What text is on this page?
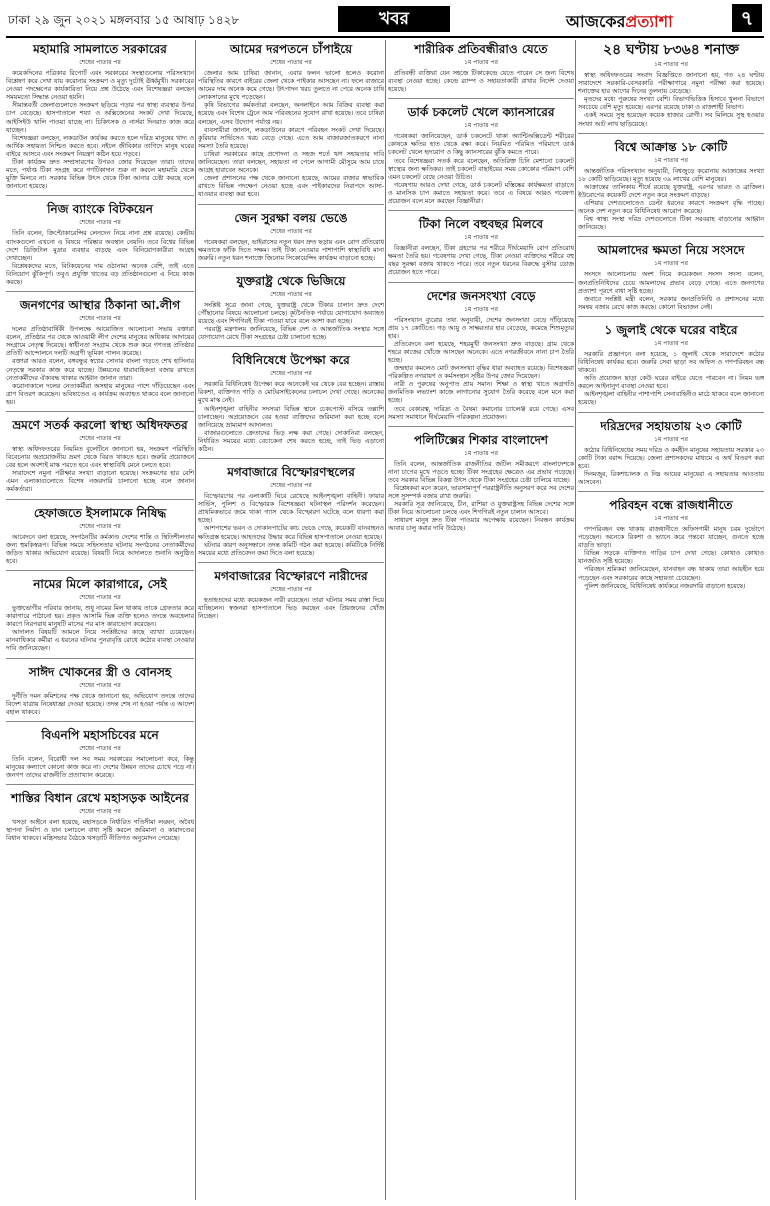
ঢাকা ২৯ জুন ২০২১ মঙ্গলবার ১৫ আষাঢ় ১৪২৮	খবর	আজকেরপ্রত্যাশা	৭
মহামারি সামলাতে সরকারের
শেষের পাতার পর

কয়েকদিনের পত্রিকার রিপোর্ট এবং সরকারের সংস্থাগুলোর পরিসংখ্যান বিশ্লেষণ করে দেখা যায় করোনার সংক্রমণ ও মৃত্যু দুটোই ঊর্ধ্বমুখী। সরকারের নেওয়া পদক্ষেপের কার্যকারিতা নিয়ে প্রশ্ন উঠেছে এবং বিশেষজ্ঞরা বলছেন সময়মতো সিদ্ধান্ত নেওয়া হয়নি।

সীমান্তবর্তী জেলাগুলোতে সংক্রমণ ছড়িয়ে পড়ার পর স্বাস্থ্য ব্যবস্থার উপর চাপ বেড়েছে। হাসপাতালে শয্যা ও অক্সিজেনের সংকট দেখা দিয়েছে, আইসিইউ খালি পাওয়া যাচ্ছে না। চিকিৎসক ও নার্সরা দিনরাত কাজ করে যাচ্ছেন।

বিশেষজ্ঞরা বলছেন, লকডাউন কার্যকর করতে হলে দরিদ্র মানুষের খাদ্য ও আর্থিক সহায়তা নিশ্চিত করতে হবে। নইলে জীবিকার তাগিদে মানুষ ঘরের বাইরে আসবে এবং সংক্রমণ নিয়ন্ত্রণ কঠিন হয়ে পড়বে।

টিকা কার্যক্রম দ্রুত সম্প্রসারণের উপরও জোর দিয়েছেন তারা। তাদের মতে, পর্যাপ্ত টিকা সংগ্রহ করে গণটিকাদান শুরু না করলে মহামারি থেকে মুক্তি মিলবে না। সরকার বিভিন্ন উৎস থেকে টিকা আনার চেষ্টা করছে বলে জানানো হয়েছে।

নিজ ব্যাংকে বিটকয়েন
শেষের পাতার পর

তিনি বলেন, ক্রিপ্টোকারেন্সির লেনদেন নিয়ে নানা প্রশ্ন রয়েছে। কেন্দ্রীয় ব্যাংকগুলো এখনো এ বিষয়ে পরিষ্কার অবস্থান নেয়নি। তবে বিশ্বের বিভিন্ন দেশে ডিজিটাল মুদ্রার ব্যবহার বাড়ছে এবং বিনিয়োগকারীরা আগ্রহ দেখাচ্ছেন।

বিশ্লেষকদের মতে, বিটকয়েনের দাম ওঠানামা অনেক বেশি, তাই এতে বিনিয়োগ ঝুঁকিপূর্ণ। তবুও প্রযুক্তি খাতের বড় প্রতিষ্ঠানগুলো এ নিয়ে কাজ করছে।

জনগণের আস্থার ঠিকানা আ.লীগ
শেষের পাতার পর

দলের প্রতিষ্ঠাবার্ষিকী উপলক্ষে আয়োজিত আলোচনা সভায় বক্তারা বলেন, প্রতিষ্ঠার পর থেকে আওয়ামী লীগ দেশের মানুষের অধিকার আদায়ের সংগ্রামে নেতৃত্ব দিয়েছে। স্বাধীনতা সংগ্রাম থেকে শুরু করে গণতন্ত্র প্রতিষ্ঠার প্রতিটি আন্দোলনে দলটি অগ্রণী ভূমিকা পালন করেছে।

বক্তারা আরও বলেন, বঙ্গবন্ধুর স্বপ্নের সোনার বাংলা গড়তে শেখ হাসিনার নেতৃত্বে সরকার কাজ করে যাচ্ছে। উন্নয়নের ধারাবাহিকতা বজায় রাখতে নেতাকর্মীদের ঐক্যবদ্ধ থাকার আহ্বান জানান তারা।

করোনাকালে দলের নেতাকর্মীরা অসহায় মানুষের পাশে দাঁড়িয়েছেন এবং ত্রাণ বিতরণ করেছেন। ভবিষ্যতেও এ কার্যক্রম অব্যাহত থাকবে বলে জানানো হয়।

ভ্রমণে সতর্ক করলো স্বাস্থ্য অধিদফতর
শেষের পাতার পর

স্বাস্থ্য অধিদফতরের নিয়মিত বুলেটিনে জানানো হয়, সংক্রমণ পরিস্থিতি বিবেচনায় অপ্রয়োজনীয় ভ্রমণ থেকে বিরত থাকতে হবে। জরুরি প্রয়োজনে বের হলে অবশ্যই মাস্ক পরতে হবে এবং স্বাস্থ্যবিধি মেনে চলতে হবে।

সারাদেশে নমুনা পরীক্ষার সংখ্যা বাড়ানো হয়েছে। সংক্রমণের হার বেশি এমন এলাকাগুলোতে বিশেষ নজরদারি চালানো হচ্ছে বলে জানান কর্মকর্তারা।

হেফাজতে ইসলামকে নিষিদ্ধ
শেষের পাতার পর

আবেদনে বলা হয়েছে, সংগঠনটির কর্মকাণ্ড দেশের শান্তি ও স্থিতিশীলতার জন্য হুমকিস্বরূপ। বিভিন্ন সময়ে সহিংসতার ঘটনায় সংগঠনের নেতাকর্মীদের জড়িত থাকার অভিযোগ রয়েছে। বিষয়টি নিয়ে আদালতে শুনানি অনুষ্ঠিত হবে।

নামের মিলে কারাগারে, সেই
শেষের পাতার পর

ভুক্তভোগীর পরিবার জানায়, শুধু নামের মিল থাকায় তাকে গ্রেফতার করে কারাগারে পাঠানো হয়। প্রকৃত আসামি ভিন্ন ব্যক্তি হলেও তদন্তে অবহেলার কারণে নিরপরাধ মানুষটি মাসের পর মাস কারাভোগ করেছেন।

আদালত বিষয়টি আমলে নিয়ে সংশ্লিষ্টদের কাছে ব্যাখ্যা চেয়েছেন। মানবাধিকার কর্মীরা এ ধরনের ঘটনার পুনরাবৃত্তি রোধে কঠোর ব্যবস্থা নেওয়ার দাবি জানিয়েছেন।

সাঈদ খোকনের স্ত্রী ও বোনসহ
শেষের পাতার পর

দুর্নীতি দমন কমিশনের পক্ষ থেকে জানানো হয়, অভিযোগ তদন্তে তাদের বিদেশ যাত্রায় নিষেধাজ্ঞা দেওয়া হয়েছে। তদন্ত শেষ না হওয়া পর্যন্ত এ আদেশ বহাল থাকবে।

বিএনপি মহাসচিবের মনে
শেষের পাতার পর

তিনি বলেন, বিরোধী দল সব সময় সরকারের সমালোচনা করে, কিন্তু মানুষের কল্যাণে কোনো কাজ করে না। দেশের উন্নয়ন তাদের চোখে পড়ে না। জনগণ তাদের রাজনীতি প্রত্যাখ্যান করেছে।

শাস্তির বিধান রেখে মহাসড়ক আইনের
শেষের পাতার পর

খসড়া আইনে বলা হয়েছে, মহাসড়কে নির্ধারিত গতিসীমা লঙ্ঘন, অবৈধ স্থাপনা নির্মাণ ও যান চলাচলে বাধা সৃষ্টি করলে জরিমানা ও কারাদণ্ডের বিধান থাকবে। মন্ত্রিসভার বৈঠকে খসড়াটি নীতিগত অনুমোদন পেয়েছে।

আমের দরপতনে চাঁপাইয়ে
শেষের পাতার পর

জেলার আম চাষিরা জানান, এবার ফলন ভালো হলেও করোনা পরিস্থিতির কারণে বাইরের জেলা থেকে পাইকার আসছেন না। ফলে বাজারে আমের দাম অনেক কমে গেছে। উৎপাদন খরচ তুলতে না পেরে অনেক চাষি লোকসানের মুখে পড়েছেন।

কৃষি বিভাগের কর্মকর্তারা বলছেন, অনলাইনে আম বিক্রির ব্যবস্থা করা হয়েছে এবং বিশেষ ট্রেনে আম পরিবহনের সুযোগ রাখা হয়েছে। তবে চাষিরা বলছেন, এসব উদ্যোগ পর্যাপ্ত নয়।

ব্যবসায়ীরা জানান, লকডাউনের কারণে পরিবহন সংকট দেখা দিয়েছে। কুরিয়ার সার্ভিসেও খরচ বেড়ে গেছে। এতে আম বাজারজাতকরণে নানা সমস্যা তৈরি হয়েছে।

চাষিরা সরকারের কাছে প্রণোদনা ও সহজ শর্তে ঋণ সহায়তার দাবি জানিয়েছেন। তারা বলছেন, সহায়তা না পেলে আগামী মৌসুমে আম চাষে আগ্রহ হারাবেন অনেকে।

জেলা প্রশাসনের পক্ষ থেকে জানানো হয়েছে, আমের বাজার স্বাভাবিক রাখতে বিভিন্ন পদক্ষেপ নেওয়া হচ্ছে এবং পাইকারদের নিরাপদে আসা-যাওয়ার ব্যবস্থা করা হবে।

জেন সুরক্ষা বলয় ভেঙে
শেষের পাতার পর

গবেষকরা বলছেন, ভাইরাসের নতুন ধরন দ্রুত ছড়ায় এবং রোগ প্রতিরোধ ক্ষমতাকে ফাঁকি দিতে সক্ষম। তাই টিকা নেওয়ার পাশাপাশি স্বাস্থ্যবিধি মানা জরুরি। নতুন ধরন শনাক্তে জিনোম সিকোয়েন্সিং কার্যক্রম বাড়ানো হচ্ছে।

যুক্তরাষ্ট্র থেকে ভিজিয়ে
শেষের পাতার পর

সংশ্লিষ্ট সূত্রে জানা গেছে, যুক্তরাষ্ট্র থেকে টিকার চালান দ্রুত দেশে পৌঁছানোর বিষয়ে আলোচনা চলছে। কূটনৈতিক পর্যায়ে যোগাযোগ অব্যাহত রয়েছে এবং শিগগিরই টিকা পাওয়া যাবে বলে আশা করা হচ্ছে।

পররাষ্ট্র মন্ত্রণালয় জানিয়েছে, বিভিন্ন দেশ ও আন্তর্জাতিক সংস্থার সঙ্গে যোগাযোগ রেখে টিকা সংগ্রহের চেষ্টা চালানো হচ্ছে।

বিধিনিষেধে উপেক্ষা করে
শেষের পাতার পর

সরকারি বিধিনিষেধ উপেক্ষা করে অনেকেই ঘর থেকে বের হচ্ছেন। রাস্তায় রিকশা, ব্যক্তিগত গাড়ি ও মোটরসাইকেলের চলাচল দেখা গেছে। অনেকের মুখে মাস্ক নেই।

আইনশৃঙ্খলা বাহিনীর সদস্যরা বিভিন্ন স্থানে চেকপোস্ট বসিয়ে তল্লাশি চালাচ্ছেন। অপ্রয়োজনে বের হওয়া ব্যক্তিদের জরিমানা করা হচ্ছে বলে জানিয়েছে ভ্রাম্যমাণ আদালত।

বাজারগুলোতে ক্রেতাদের ভিড় লক্ষ করা গেছে। দোকানিরা বলছেন, নির্ধারিত সময়ের মধ্যে বেচাকেনা শেষ করতে হচ্ছে, তাই ভিড় এড়ানো কঠিন।

মগবাজারে বিস্ফোরণস্থলের
শেষের পাতার পর

বিস্ফোরণের পর এলাকাটি ঘিরে রেখেছে আইনশৃঙ্খলা বাহিনী। ফায়ার সার্ভিস, পুলিশ ও বিস্ফোরক বিশেষজ্ঞরা ঘটনাস্থল পরিদর্শন করেছেন। প্রাথমিকভাবে জমে থাকা গ্যাস থেকে বিস্ফোরণ ঘটেছে বলে ধারণা করা হচ্ছে।

আশপাশের ভবন ও দোকানপাটের কাচ ভেঙে গেছে, কয়েকটি যানবাহনও ক্ষতিগ্রস্ত হয়েছে। আহতদের উদ্ধার করে বিভিন্ন হাসপাতালে নেওয়া হয়েছে।

ঘটনার কারণ অনুসন্ধানে তদন্ত কমিটি গঠন করা হয়েছে। কমিটিকে নির্দিষ্ট সময়ের মধ্যে প্রতিবেদন জমা দিতে বলা হয়েছে।

মগবাজারের বিস্ফোরণে নারীদের
শেষের পাতার পর

হতাহতদের মধ্যে কয়েকজন নারী রয়েছেন। তারা ঘটনার সময় রাস্তা দিয়ে যাচ্ছিলেন। স্বজনরা হাসপাতালে ভিড় করছেন এবং প্রিয়জনের খোঁজ নিচ্ছেন।

শারীরিক প্রতিবন্ধীরাও যেতে
১ম পাতার পর

প্রতিবন্ধী ব্যক্তিরা যেন সহজে টিকাকেন্দ্রে যেতে পারেন সে জন্য বিশেষ ব্যবস্থা নেওয়া হচ্ছে। কেন্দ্রে র‍্যাম্প ও সহায়তাকারী রাখার নির্দেশ দেওয়া হয়েছে।

ডার্ক চকলেট খেলে ক্যানসারের
১ম পাতার পর

গবেষকরা জানিয়েছেন, ডার্ক চকলেটে থাকা অ্যান্টিঅক্সিডেন্ট শরীরের কোষকে ক্ষতির হাত থেকে রক্ষা করে। নিয়মিত পরিমিত পরিমাণে ডার্ক চকলেট খেলে হৃদরোগ ও কিছু ক্যানসারের ঝুঁকি কমতে পারে।

তবে বিশেষজ্ঞরা সতর্ক করে বলেছেন, অতিরিক্ত চিনি মেশানো চকলেট স্বাস্থ্যের জন্য ক্ষতিকর। তাই চকলেট বাছাইয়ের সময় কোকোর পরিমাণ বেশি এমন চকলেট বেছে নেওয়া উচিত।

গবেষণায় আরও দেখা গেছে, ডার্ক চকলেট মস্তিষ্কের কার্যক্ষমতা বাড়াতে ও মানসিক চাপ কমাতে সহায়তা করে। তবে এ বিষয়ে আরও গবেষণা প্রয়োজন বলে মনে করছেন বিজ্ঞানীরা।

টিকা নিলে বহুবছর মিলবে
১ম পাতার পর

বিজ্ঞানীরা বলছেন, টিকা গ্রহণের পর শরীরে দীর্ঘমেয়াদি রোগ প্রতিরোধ ক্ষমতা তৈরি হয়। গবেষণায় দেখা গেছে, টিকা নেওয়া ব্যক্তিদের শরীরে বহু বছর সুরক্ষা বজায় থাকতে পারে। তবে নতুন ধরনের বিরুদ্ধে বুস্টার ডোজ প্রয়োজন হতে পারে।

দেশের জনসংখ্যা বেড়ে
১ম পাতার পর

পরিসংখ্যান ব্যুরোর তথ্য অনুযায়ী, দেশের জনসংখ্যা বেড়ে দাঁড়িয়েছে প্রায় ১৭ কোটিতে। গড় আয়ু ও সাক্ষরতার হার বেড়েছে, কমেছে শিশুমৃত্যুর হার।

প্রতিবেদনে বলা হয়েছে, শহরমুখী জনসংখ্যা দ্রুত বাড়ছে। গ্রাম থেকে শহরে কাজের খোঁজে আসছেন অনেকে। এতে নগরজীবনে নানা চাপ তৈরি হচ্ছে।

জন্মহার কমলেও মোট জনসংখ্যা বৃদ্ধির ধারা অব্যাহত রয়েছে। বিশেষজ্ঞরা পরিকল্পিত নগরায়ণ ও কর্মসংস্থান সৃষ্টির উপর জোর দিয়েছেন।

নারী ও পুরুষের অনুপাত প্রায় সমান। শিক্ষা ও স্বাস্থ্য খাতে অগ্রগতি জনমিতিক লভ্যাংশ কাজে লাগানোর সুযোগ তৈরি করেছে বলে মনে করা হচ্ছে।

তবে বেকারত্ব, দারিদ্র্য ও বৈষম্য কমানোর চ্যালেঞ্জ রয়ে গেছে। এসব সমস্যা সমাধানে দীর্ঘমেয়াদি পরিকল্পনা প্রয়োজন।

পলিটিক্সের শিকার বাংলাদেশ
১ম পাতার পর

তিনি বলেন, আন্তর্জাতিক রাজনীতির জটিল সমীকরণে বাংলাদেশকে নানা চাপের মুখে পড়তে হচ্ছে। টিকা সংগ্রহের ক্ষেত্রেও এর প্রভাব পড়েছে। তবে সরকার বিভিন্ন বিকল্প উৎস থেকে টিকা সংগ্রহের চেষ্টা চালিয়ে যাচ্ছে।

বিশ্লেষকরা মনে করেন, ভারসাম্যপূর্ণ পররাষ্ট্রনীতি অনুসরণ করে সব দেশের সঙ্গে সুসম্পর্ক বজায় রাখা জরুরি।

সরকারি সূত্র জানিয়েছে, চীন, রাশিয়া ও যুক্তরাষ্ট্রসহ বিভিন্ন দেশের সঙ্গে টিকা নিয়ে আলোচনা চলছে এবং শিগগিরই নতুন চালান আসবে।

সাধারণ মানুষ দ্রুত টিকা পাওয়ার অপেক্ষায় রয়েছেন। নিবন্ধন কার্যক্রম আবার চালু করার দাবি উঠেছে।

২৪ ঘণ্টায় ৮৩৬৪ শনাক্ত
১ম পাতার পর

স্বাস্থ্য অধিদফতরের সংবাদ বিজ্ঞপ্তিতে জানানো হয়, গত ২৪ ঘণ্টায় সারাদেশে সরকারি-বেসরকারি পরীক্ষাগারে নমুনা পরীক্ষা করা হয়েছে। শনাক্তের হার আগের দিনের তুলনায় বেড়েছে।

মৃতদের মধ্যে পুরুষের সংখ্যা বেশি। বিভাগভিত্তিক হিসাবে খুলনা বিভাগে সবচেয়ে বেশি মৃত্যু হয়েছে। এরপর রয়েছে ঢাকা ও রাজশাহী বিভাগ।

একই সময়ে সুস্থ হয়েছেন কয়েক হাজার রোগী। সব মিলিয়ে সুস্থ হওয়ার সংখ্যা আট লাখ ছাড়িয়েছে।

বিশ্বে আক্রান্ত ১৮ কোটি
১ম পাতার পর

আন্তর্জাতিক পরিসংখ্যান অনুযায়ী, বিশ্বজুড়ে করোনায় আক্রান্তের সংখ্যা ১৮ কোটি ছাড়িয়েছে। মৃত্যু হয়েছে ৩৯ লাখের বেশি মানুষের।

আক্রান্তের তালিকায় শীর্ষে রয়েছে যুক্তরাষ্ট্র, এরপর ভারত ও ব্রাজিল। ইউরোপের কয়েকটি দেশে নতুন করে সংক্রমণ বাড়ছে।

এশিয়ার দেশগুলোতেও ডেল্টা ধরনের কারণে সংক্রমণ বৃদ্ধি পাচ্ছে। অনেক দেশ নতুন করে বিধিনিষেধ আরোপ করেছে।

বিশ্ব স্বাস্থ্য সংস্থা দরিদ্র দেশগুলোতে টিকা সরবরাহ বাড়ানোর আহ্বান জানিয়েছে।

আমলাদের ক্ষমতা নিয়ে সংসদে
১ম পাতার পর

সংসদে আলোচনায় অংশ নিয়ে কয়েকজন সংসদ সদস্য বলেন, জনপ্রতিনিধিদের চেয়ে আমলাদের প্রভাব বেড়ে গেছে। এতে জনগণের প্রত্যাশা পূরণে বাধা সৃষ্টি হচ্ছে।

জবাবে সংশ্লিষ্ট মন্ত্রী বলেন, সরকার জনপ্রতিনিধি ও প্রশাসনের মধ্যে সমন্বয় বজায় রেখে কাজ করছে। কোনো বিভাজন নেই।

১ জুলাই থেকে ঘরের বাইরে
১ম পাতার পর

সরকারি প্রজ্ঞাপনে বলা হয়েছে, ১ জুলাই থেকে সারাদেশে কঠোর বিধিনিষেধ কার্যকর হবে। জরুরি সেবা ছাড়া সব অফিস ও গণপরিবহন বন্ধ থাকবে।

অতি প্রয়োজন ছাড়া কেউ ঘরের বাইরে যেতে পারবেন না। নিয়ম ভঙ্গ করলে আইনানুগ ব্যবস্থা নেওয়া হবে।

আইনশৃঙ্খলা বাহিনীর পাশাপাশি সেনাবাহিনীও মাঠে থাকবে বলে জানানো হয়েছে।

দরিদ্রদের সহায়তায় ২৩ কোটি
১ম পাতার পর

কঠোর বিধিনিষেধের সময় দরিদ্র ও কর্মহীন মানুষের সহায়তায় সরকার ২৩ কোটি টাকা বরাদ্দ দিয়েছে। জেলা প্রশাসকদের মাধ্যমে এ অর্থ বিতরণ করা হবে।

দিনমজুর, রিকশাচালক ও নিম্ন আয়ের মানুষেরা এ সহায়তার আওতায় আসবেন।

পরিবহন বন্ধে রাজধানীতে
১ম পাতার পর

গণপরিবহন বন্ধ থাকায় রাজধানীতে অফিসগামী মানুষ চরম দুর্ভোগে পড়েছেন। অনেকে রিকশা ও ভ্যানে করে গন্তব্যে যাচ্ছেন, গুনতে হচ্ছে বাড়তি ভাড়া।

বিভিন্ন সড়কে ব্যক্তিগত গাড়ির চাপ দেখা গেছে। কোথাও কোথাও যানজটও সৃষ্টি হয়েছে।

পরিবহন শ্রমিকরা জানিয়েছেন, যানবাহন বন্ধ থাকায় তারা আয়হীন হয়ে পড়েছেন এবং সরকারের কাছে সহায়তা চেয়েছেন।

পুলিশ জানিয়েছে, বিধিনিষেধ কার্যকরে নজরদারি বাড়ানো হয়েছে।
